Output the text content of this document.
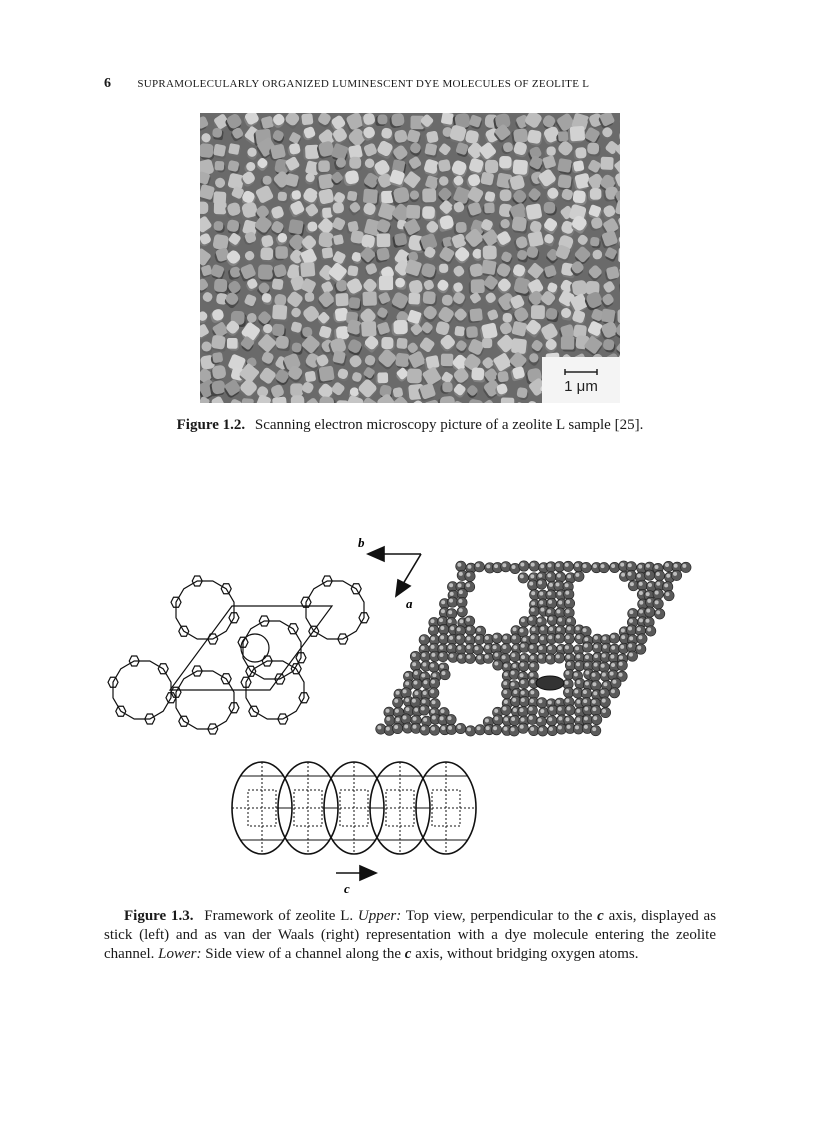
6 SUPRAMOLECULARLY ORGANIZED LUMINESCENT DYE MOLECULES OF ZEOLITE L
1 μm
Figure 1.2. Scanning electron microscopy picture of a zeolite L sample [25].
b
a
c
Figure 1.3. Framework of zeolite L. Upper: Top view, perpendicular to the c axis, displayed as stick (left) and as van der Waals (right) representation with a dye molecule entering the zeolite channel. Lower: Side view of a channel along the c axis, without bridging oxygen atoms.
